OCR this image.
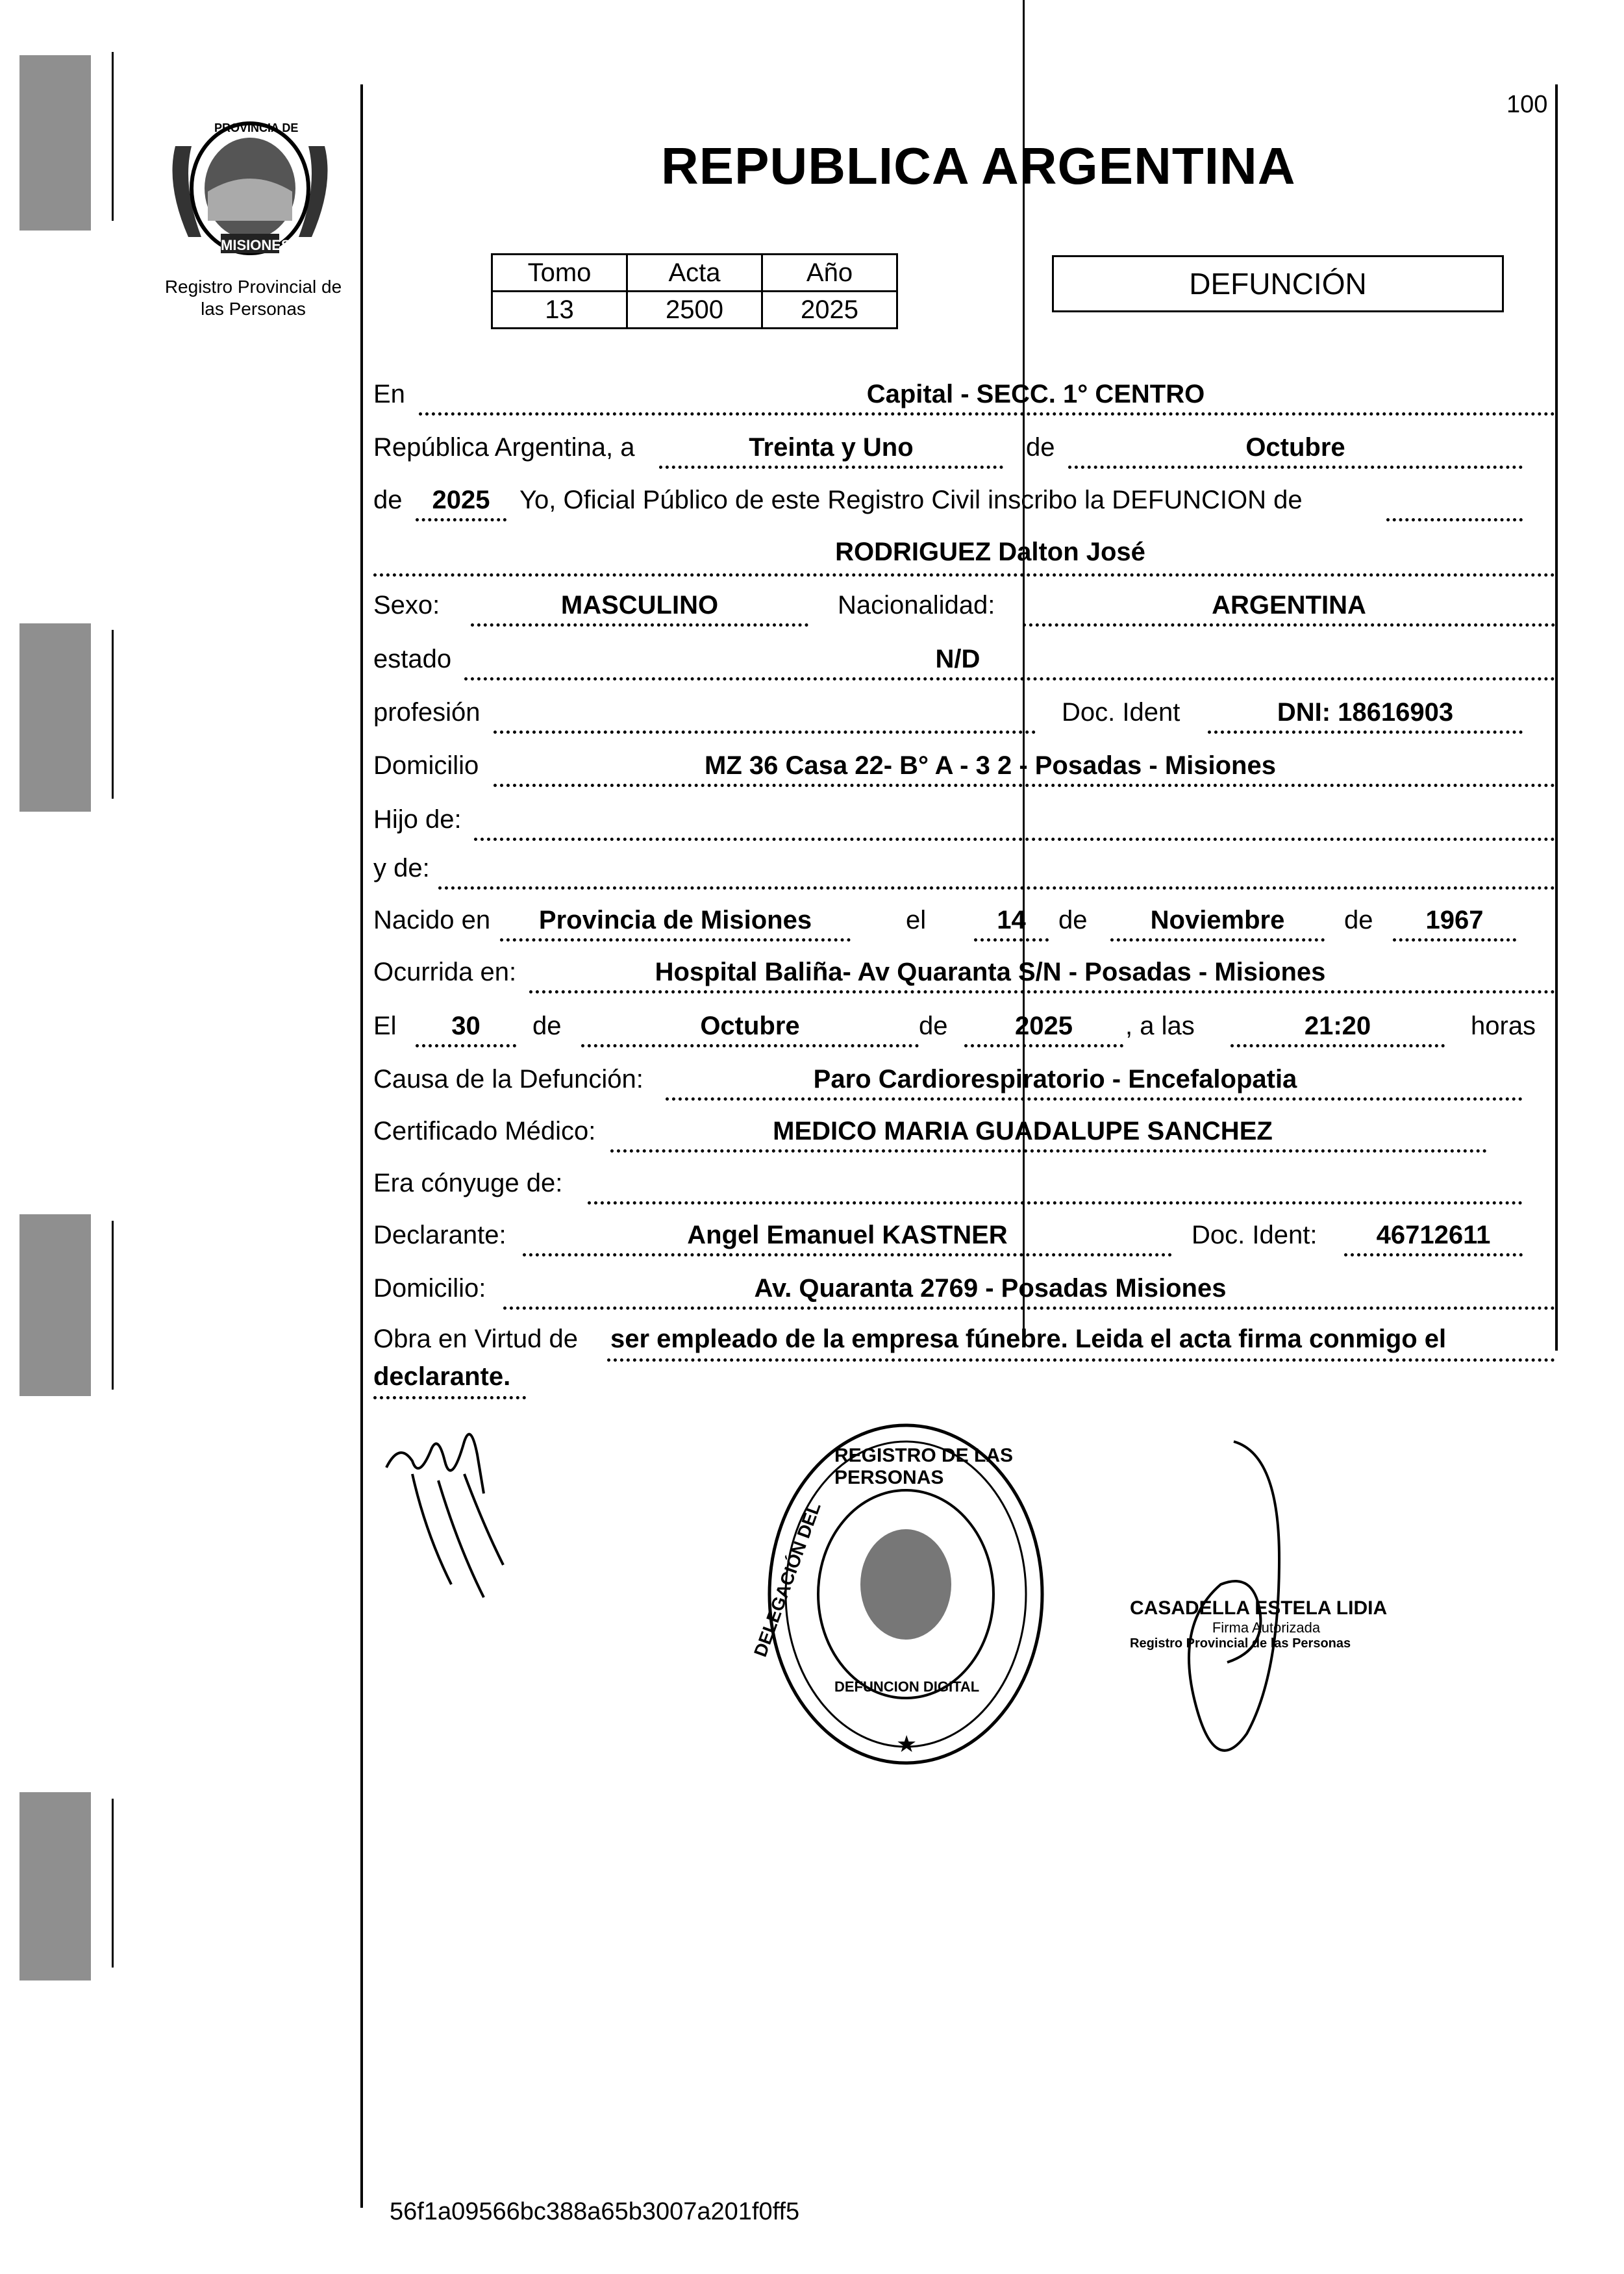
PROVINCIA DE
MISIONES
Registro Provincial de
las Personas
REPUBLICA ARGENTINA
100
Tomo	Acta	Año
13	2500	2025
DEFUNCIÓN
En	Capital - SECC. 1° CENTRO
República Argentina, a	Treinta y Uno	de	Octubre
de	2025	Yo, Oficial Público de este Registro Civil inscribo la DEFUNCION de
RODRIGUEZ Dalton José
Sexo:	MASCULINO	Nacionalidad:	ARGENTINA
estado	N/D
profesión	Doc. Ident	DNI: 18616903
Domicilio	MZ 36 Casa 22- B° A - 3 2 - Posadas - Misiones
Hijo de:
y de:
Nacido en	Provincia de Misiones	el	14	de	Noviembre	de	1967
Ocurrida en:	Hospital Baliña- Av Quaranta S/N - Posadas - Misiones
El	30	de	Octubre	de	2025	, a las	21:20	horas
Causa de la Defunción:	Paro Cardiorespiratorio - Encefalopatia
Certificado Médico:	MEDICO MARIA GUADALUPE SANCHEZ
Era cónyuge de:
Declarante:	Angel Emanuel KASTNER	Doc. Ident:	46712611
Domicilio:	Av. Quaranta 2769 - Posadas Misiones
Obra en Virtud de ser empleado de la empresa fúnebre. Leida el acta firma conmigo el
declarante.
REGISTRO DE LAS PERSONAS
DELEGACIÓN DEL
DEFUNCION DIGITAL
★
CASADELLA ESTELA LIDIA
Firma Autorizada
Registro Provincial de las Personas
56f1a09566bc388a65b3007a201f0ff5
